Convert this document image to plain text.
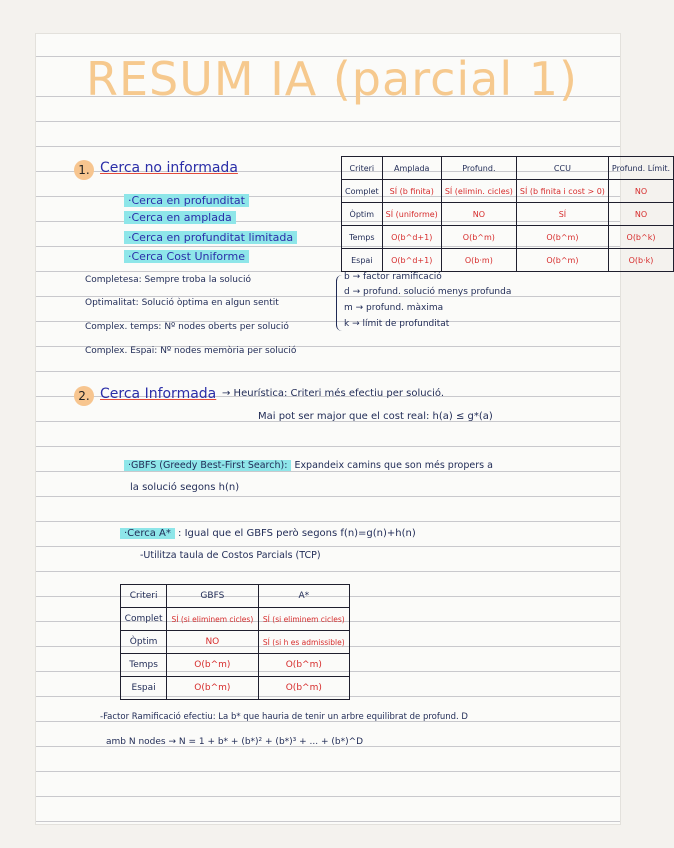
RESUM IA (parcial 1)
1. Cerca no informada
·Cerca en profunditat
·Cerca en amplada
·Cerca en profunditat limitada
·Cerca Cost Uniforme
Completesa: Sempre troba la solució
Optimalitat: Solució òptima en algun sentit
Complex. temps: Nº nodes oberts per solució
Complex. Espai: Nº nodes memòria per solució
b → factor ramificació
d → profund. solució menys profunda
m → profund. màxima
k → límit de profunditat
Criteri	Amplada	Profund.	CCU	Profund. Límit.
Complet	SÍ (b finita)	SÍ (elimin. cicles)	SÍ (b finita i cost > 0)	NO
Òptim	SÍ (uniforme)	NO	SÍ	NO
Temps	O(b^d+1)	O(b^m)	O(b^m)	O(b^k)
Espai	O(b^d+1)	O(b·m)	O(b^m)	O(b·k)
2. Cerca Informada → Heurística: Criteri més efectiu per solució.
Mai pot ser major que el cost real: h(a) ≤ g*(a)
·GBFS (Greedy Best-First Search): Expandeix camins que son més propers a
la solució segons h(n)
·Cerca A* : Igual que el GBFS però segons f(n)=g(n)+h(n)
-Utilitza taula de Costos Parcials (TCP)
Criteri	GBFS	A*
Complet	SÍ (si eliminem cicles)	SÍ (si eliminem cicles)
Òptim	NO	SÍ (si h es admissible)
Temps	O(b^m)	O(b^m)
Espai	O(b^m)	O(b^m)
-Factor Ramificació efectiu: La b* que hauria de tenir un arbre equilibrat de profund. D
amb N nodes → N = 1 + b* + (b*)² + (b*)³ + ... + (b*)^D
